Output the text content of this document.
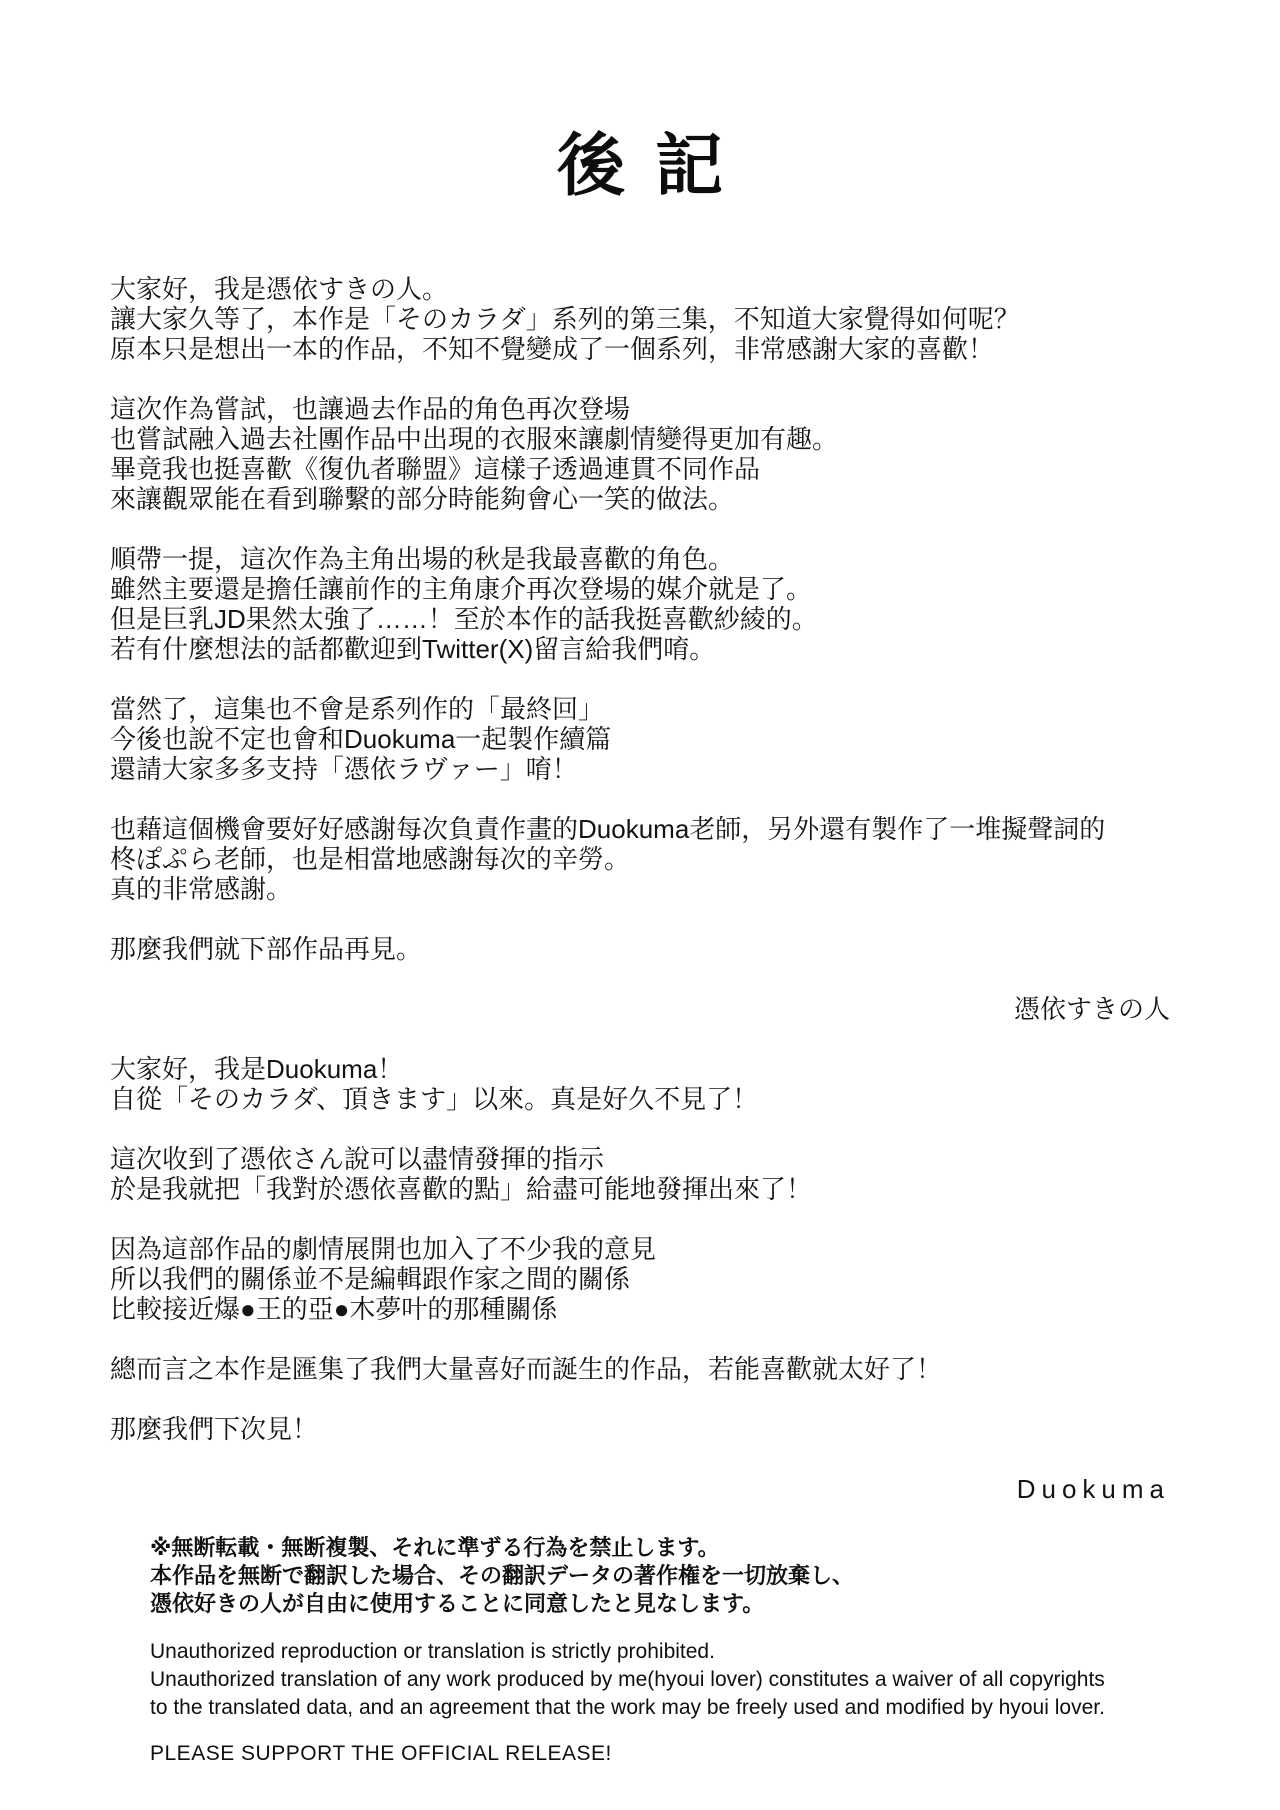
後記
大家好，我是憑依すきの人。
讓大家久等了，本作是「そのカラダ」系列的第三集，不知道大家覺得如何呢？
原本只是想出一本的作品，不知不覺變成了一個系列，非常感謝大家的喜歡！
這次作為嘗試，也讓過去作品的角色再次登場
也嘗試融入過去社團作品中出現的衣服來讓劇情變得更加有趣。
畢竟我也挺喜歡《復仇者聯盟》這樣子透過連貫不同作品
來讓觀眾能在看到聯繫的部分時能夠會心一笑的做法。
順帶一提，這次作為主角出場的秋是我最喜歡的角色。
雖然主要還是擔任讓前作的主角康介再次登場的媒介就是了。
但是巨乳JD果然太強了……！至於本作的話我挺喜歡紗綾的。
若有什麼想法的話都歡迎到Twitter(X)留言給我們唷。
當然了，這集也不會是系列作的「最終回」
今後也說不定也會和Duokuma一起製作續篇
還請大家多多支持「憑依ラヴァー」唷！
也藉這個機會要好好感謝每次負責作畫的Duokuma老師，另外還有製作了一堆擬聲詞的
柊ぽぷら老師，也是相當地感謝每次的辛勞。
真的非常感謝。
那麼我們就下部作品再見。
憑依すきの人
大家好，我是Duokuma！
自從「そのカラダ、頂きます」以來。真是好久不見了！
這次收到了憑依さん說可以盡情發揮的指示
於是我就把「我對於憑依喜歡的點」給盡可能地發揮出來了！
因為這部作品的劇情展開也加入了不少我的意見
所以我們的關係並不是編輯跟作家之間的關係
比較接近爆●王的亞●木夢叶的那種關係
總而言之本作是匯集了我們大量喜好而誕生的作品，若能喜歡就太好了！
那麼我們下次見！
Duokuma
※無断転載・無断複製、それに準ずる行為を禁止します。
本作品を無断で翻訳した場合、その翻訳データの著作権を一切放棄し、
憑依好きの人が自由に使用することに同意したと見なします。
Unauthorized reproduction or translation is strictly prohibited.
Unauthorized translation of any work produced by me(hyoui lover) constitutes a waiver of all copyrights
to the translated data, and an agreement that the work may be freely used and modified by hyoui lover.
PLEASE SUPPORT THE OFFICIAL RELEASE!
